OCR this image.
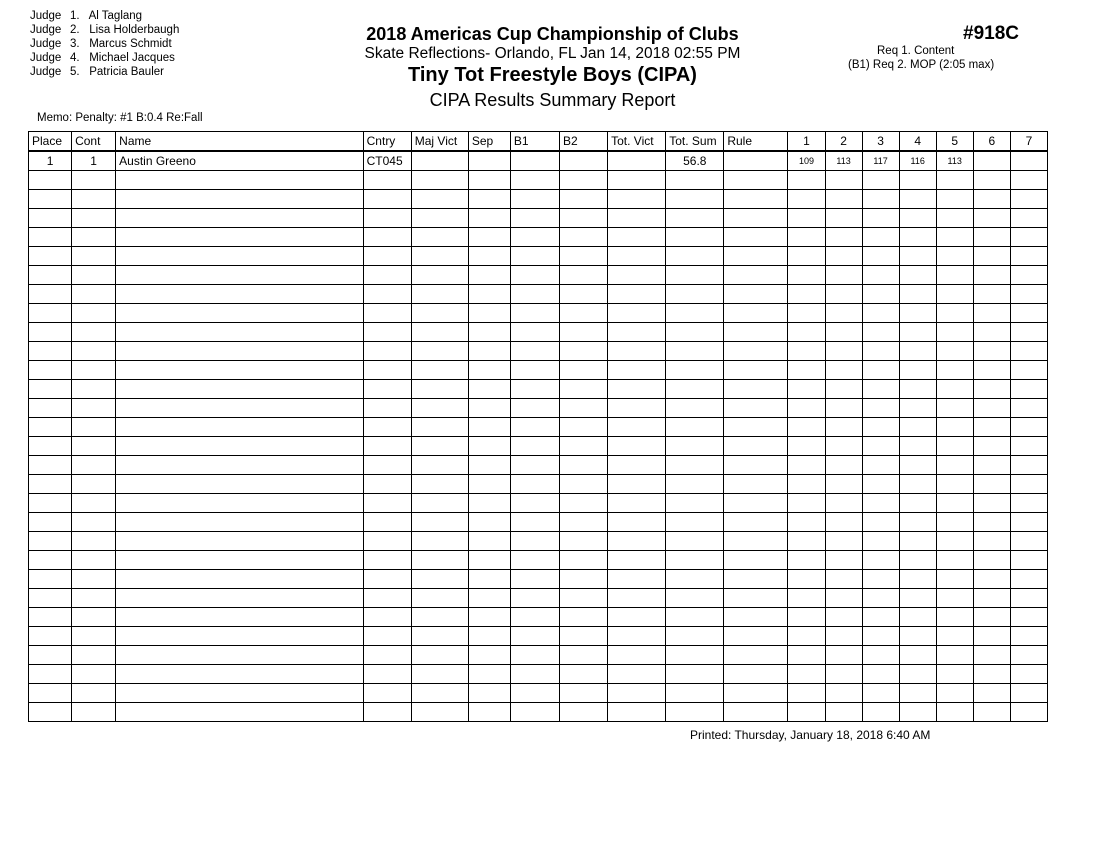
Judge 1. Al Taglang
Judge 2. Lisa Holderbaugh
Judge 3. Marcus Schmidt
Judge 4. Michael Jacques
Judge 5. Patricia Bauler
2018 Americas Cup Championship of Clubs
Skate Reflections- Orlando, FL Jan 14, 2018 02:55 PM
Tiny Tot Freestyle Boys (CIPA)
CIPA Results Summary Report
#918C
Req 1. Content
(B1) Req 2. MOP (2:05 max)
Memo: Penalty: #1 B:0.4 Re:Fall
Place	Cont	Name	Cntry	Maj Vict	Sep	B1	B2	Tot. Vict	Tot. Sum	Rule	1	2	3	4	5	6	7
1	1	Austin Greeno	CT045						56.8		109	113	117	116	113		

Printed: Thursday, January 18, 2018 6:40 AM
